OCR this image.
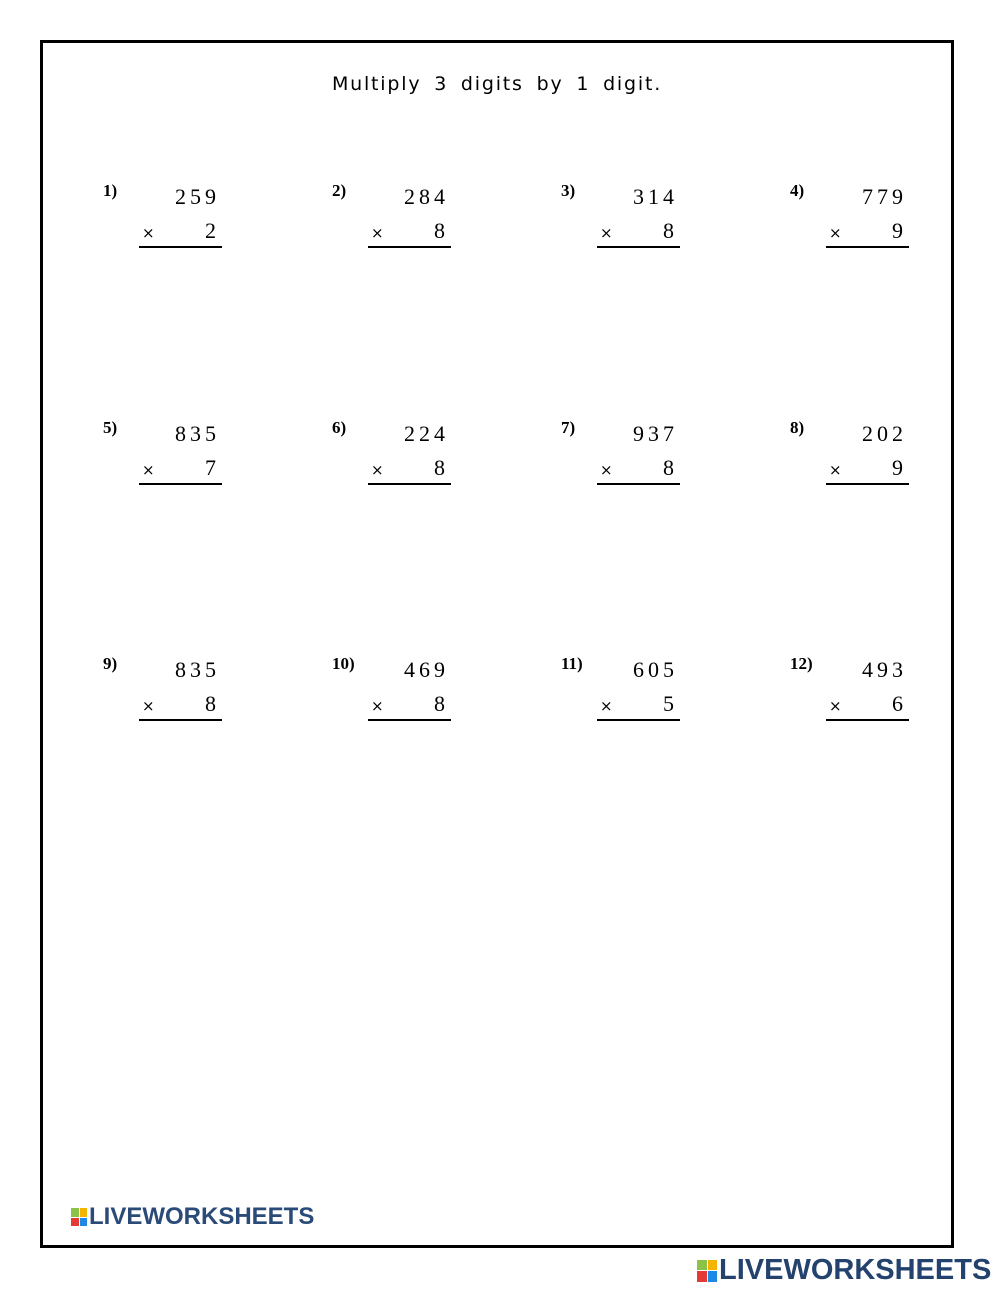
Multiply 3 digits by 1 digit.
1)	259
× 2
2)	284
× 8
3)	314
× 8
4)	779
× 9
5)	835
× 7
6)	224
× 8
7)	937
× 8
8)	202
× 9
9)	835
× 8
10) 469
× 8
11) 605
× 5
12) 493
× 6
LIVEWORKSHEETS
LIVEWORKSHEETS
